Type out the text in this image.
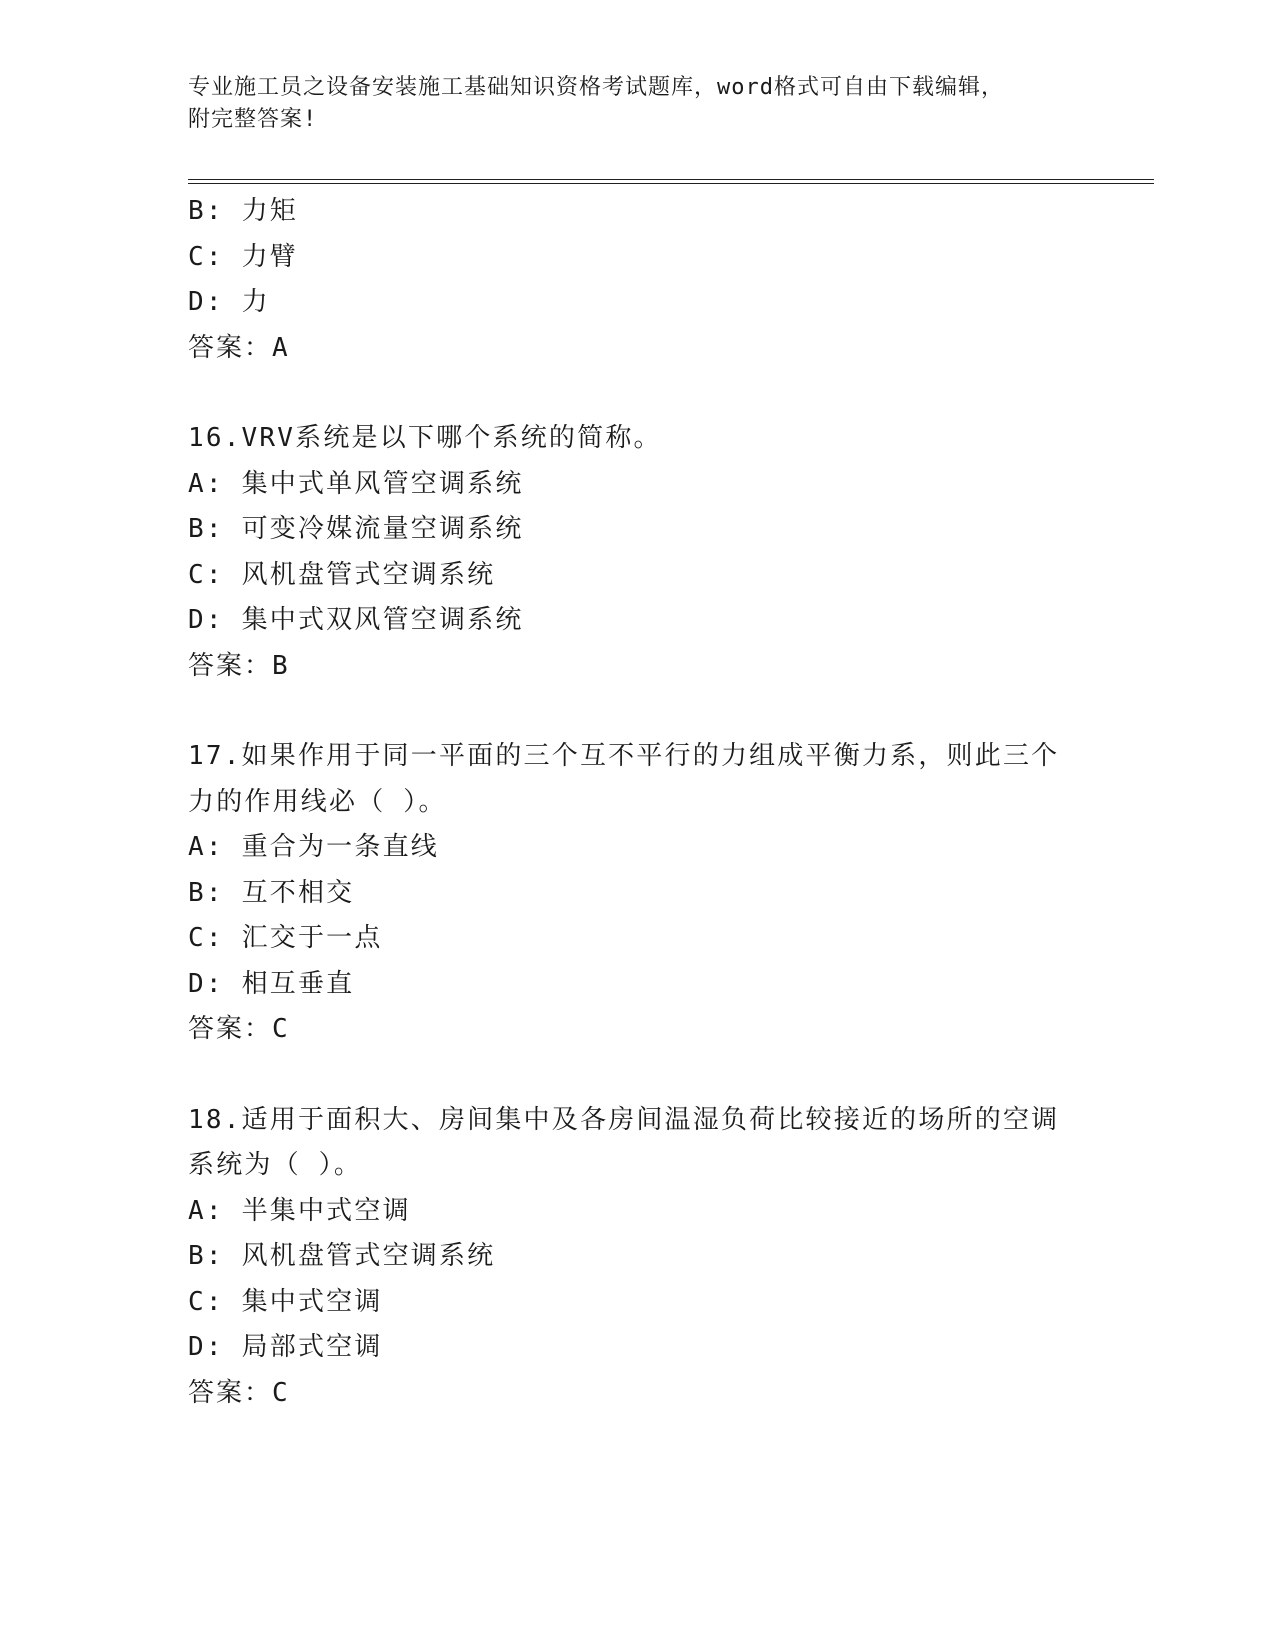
专业施工员之设备安装施工基础知识资格考试题库，word格式可自由下载编辑，
附完整答案!
B: 力矩
C: 力臂
D: 力
答案：A
16.VRV系统是以下哪个系统的简称。
A: 集中式单风管空调系统
B: 可变冷媒流量空调系统
C: 风机盘管式空调系统
D: 集中式双风管空调系统
答案：B
17.如果作用于同一平面的三个互不平行的力组成平衡力系，则此三个
力的作用线必（ ）。
A: 重合为一条直线
B: 互不相交
C: 汇交于一点
D: 相互垂直
答案：C
18.适用于面积大、房间集中及各房间温湿负荷比较接近的场所的空调
系统为（ ）。
A: 半集中式空调
B: 风机盘管式空调系统
C: 集中式空调
D: 局部式空调
答案：C
